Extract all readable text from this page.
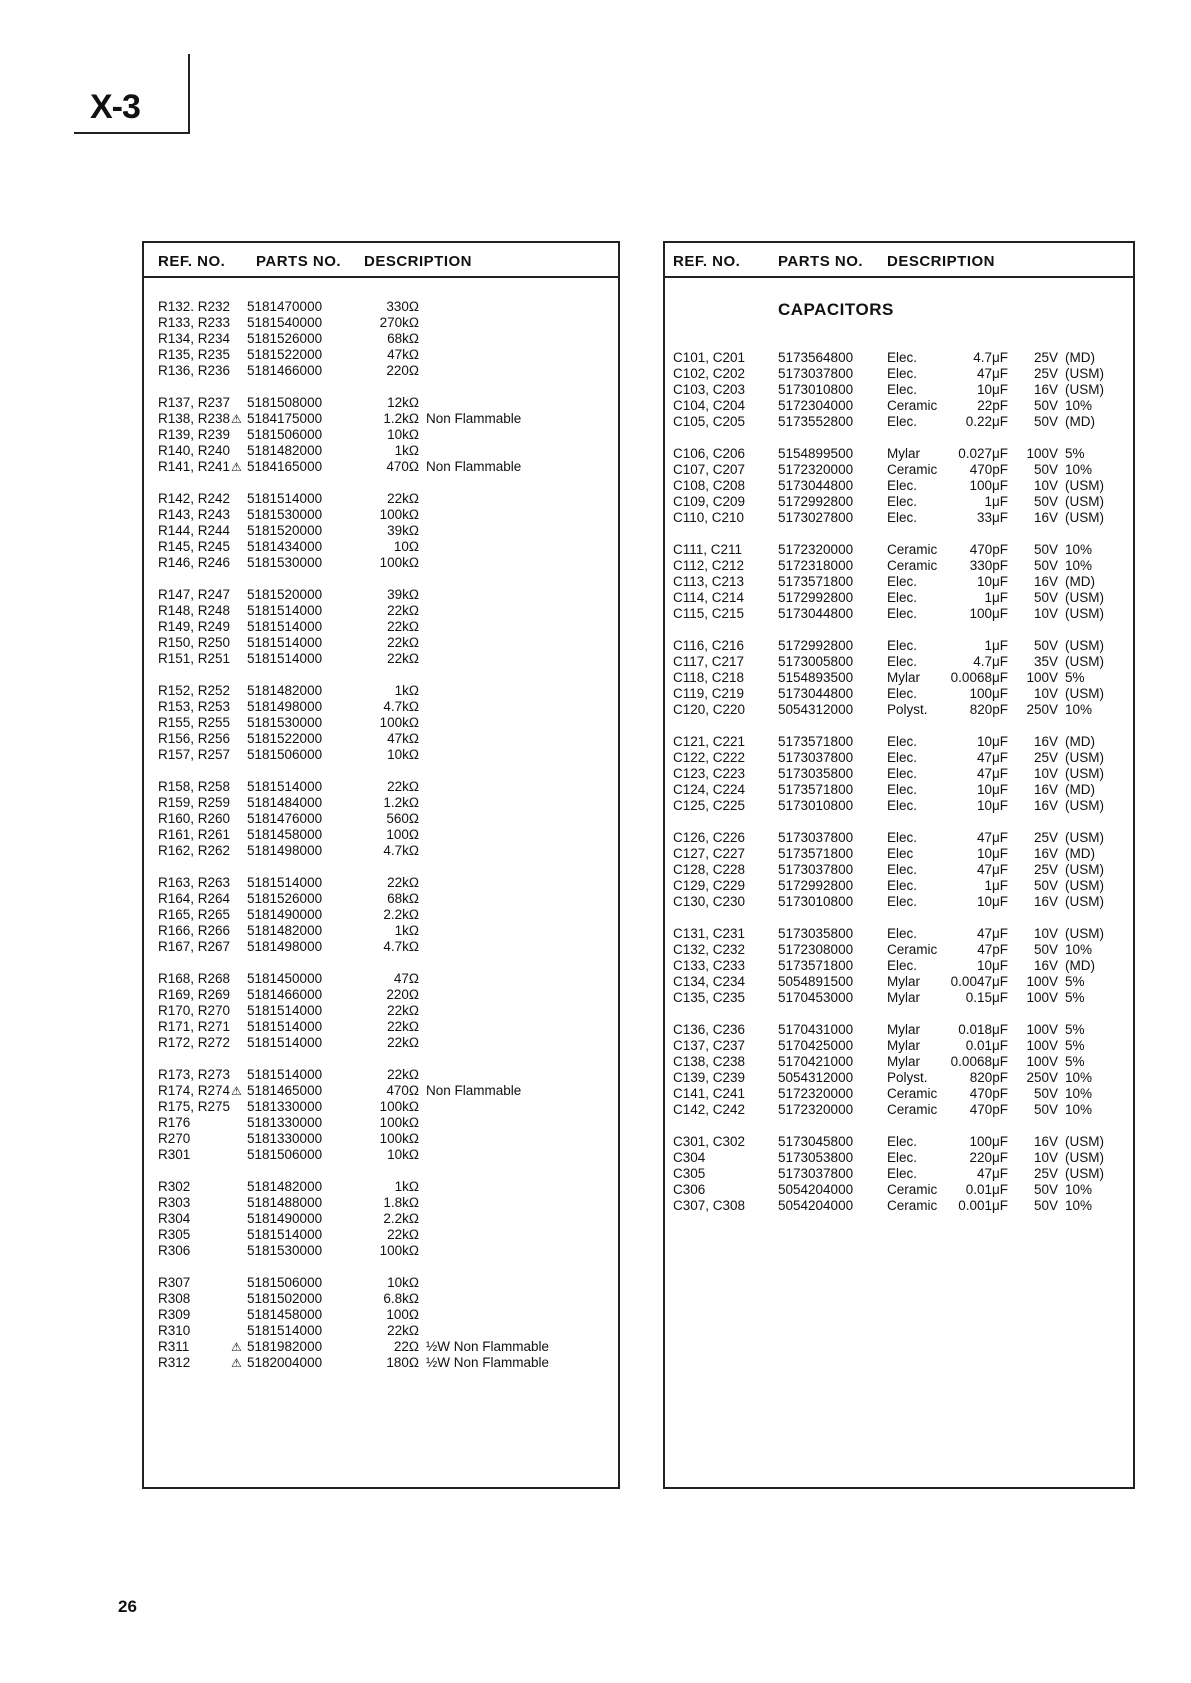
X-3
REF. NO. PARTS NO. DESCRIPTION
R132. R232 5181470000	330Ω
R133, R233 5181540000	270kΩ
R134, R234 5181526000	68kΩ
R135, R235 5181522000	47kΩ
R136, R236 5181466000	220Ω
R137, R237 5181508000	12kΩ
R138, R238 5184175000	1.2kΩ Non Flammable
⚠
R139, R239 5181506000	10kΩ
R140, R240 5181482000	1kΩ
R141, R241 5184165000	470Ω Non Flammable
⚠
R142, R242 5181514000	22kΩ
R143, R243 5181530000	100kΩ
R144, R244 5181520000	39kΩ
R145, R245 5181434000	10Ω
R146, R246 5181530000	100kΩ
R147, R247 5181520000	39kΩ
R148, R248 5181514000	22kΩ
R149, R249 5181514000	22kΩ
R150, R250 5181514000	22kΩ
R151, R251 5181514000	22kΩ
R152, R252 5181482000	1kΩ
R153, R253 5181498000	4.7kΩ
R155, R255 5181530000	100kΩ
R156, R256 5181522000	47kΩ
R157, R257 5181506000	10kΩ
R158, R258 5181514000	22kΩ
R159, R259 5181484000	1.2kΩ
R160, R260 5181476000	560Ω
R161, R261 5181458000	100Ω
R162, R262 5181498000	4.7kΩ
R163, R263 5181514000	22kΩ
R164, R264 5181526000	68kΩ
R165, R265 5181490000	2.2kΩ
R166, R266 5181482000	1kΩ
R167, R267 5181498000	4.7kΩ
R168, R268 5181450000	47Ω
R169, R269 5181466000	220Ω
R170, R270 5181514000	22kΩ
R171, R271 5181514000	22kΩ
R172, R272 5181514000	22kΩ
R173, R273 5181514000	22kΩ
R174, R274 5181465000	470Ω Non Flammable
⚠
R175, R275 5181330000	100kΩ
R176	5181330000	100kΩ
R270	5181330000	100kΩ
R301	5181506000	10kΩ
R302	5181482000	1kΩ
R303	5181488000	1.8kΩ
R304	5181490000	2.2kΩ
R305	5181514000	22kΩ
R306	5181530000	100kΩ
R307	5181506000	10kΩ
R308	5181502000	6.8kΩ
R309	5181458000	100Ω
R310	5181514000	22kΩ
R311	5181982000	22Ω ½W Non Flammable
⚠
R312	5182004000	180Ω ½W Non Flammable
⚠
REF. NO.	PARTS NO. DESCRIPTION
CAPACITORS
C101, C201 5173564800	Elec.	4.7μF	25V (MD)
C102, C202 5173037800	Elec.	47μF	25V (USM)
C103, C203 5173010800	Elec.	10μF	16V (USM)
C104, C204 5172304000	Ceramic	22pF	50V 10%
C105, C205 5173552800	Elec.	0.22μF	50V (MD)
C106, C206 5154899500	Mylar	0.027μF	100V 5%
C107, C207 5172320000	Ceramic	470pF	50V 10%
C108, C208 5173044800	Elec.	100μF	10V (USM)
C109, C209 5172992800	Elec.	1μF	50V (USM)
C110, C210	5173027800	Elec.	33μF	16V (USM)
C111, C211	5172320000	Ceramic	470pF	50V 10%
C112, C212	5172318000	Ceramic	330pF	50V 10%
C113, C213	5173571800	Elec.	10μF	16V (MD)
C114, C214	5172992800	Elec.	1μF	50V (USM)
C115, C215	5173044800	Elec.	100μF	10V (USM)
C116, C216	5172992800	Elec.	1μF	50V (USM)
C117, C217	5173005800	Elec.	4.7μF	35V (USM)
C118, C218	5154893500	Mylar	0.0068μF	100V 5%
C119, C219	5173044800	Elec.	100μF	10V (USM)
C120, C220 5054312000	Polyst.	820pF	250V 10%
C121, C221 5173571800	Elec.	10μF	16V (MD)
C122, C222 5173037800	Elec.	47μF	25V (USM)
C123, C223 5173035800	Elec.	47μF	10V (USM)
C124, C224 5173571800	Elec.	10μF	16V (MD)
C125, C225 5173010800	Elec.	10μF	16V (USM)
C126, C226 5173037800	Elec.	47μF	25V (USM)
C127, C227 5173571800	Elec	10μF	16V (MD)
C128, C228 5173037800	Elec.	47μF	25V (USM)
C129, C229 5172992800	Elec.	1μF	50V (USM)
C130, C230 5173010800	Elec.	10μF	16V (USM)
C131, C231 5173035800	Elec.	47μF	10V (USM)
C132, C232 5172308000	Ceramic	47pF	50V 10%
C133, C233 5173571800	Elec.	10μF	16V (MD)
C134, C234 5054891500	Mylar	0.0047μF	100V 5%
C135, C235 5170453000	Mylar	0.15μF	100V 5%
C136, C236 5170431000	Mylar	0.018μF	100V 5%
C137, C237 5170425000	Mylar	0.01μF	100V 5%
C138, C238 5170421000	Mylar	0.0068μF	100V 5%
C139, C239 5054312000	Polyst.	820pF	250V 10%
C141, C241 5172320000	Ceramic	470pF	50V 10%
C142, C242 5172320000	Ceramic	470pF	50V 10%
C301, C302 5173045800	Elec.	100μF	16V (USM)
C304	5173053800	Elec.	220μF	10V (USM)
C305	5173037800	Elec.	47μF	25V (USM)
C306	5054204000	Ceramic	0.01μF	50V 10%
C307, C308 5054204000	Ceramic	0.001μF	50V 10%
26
